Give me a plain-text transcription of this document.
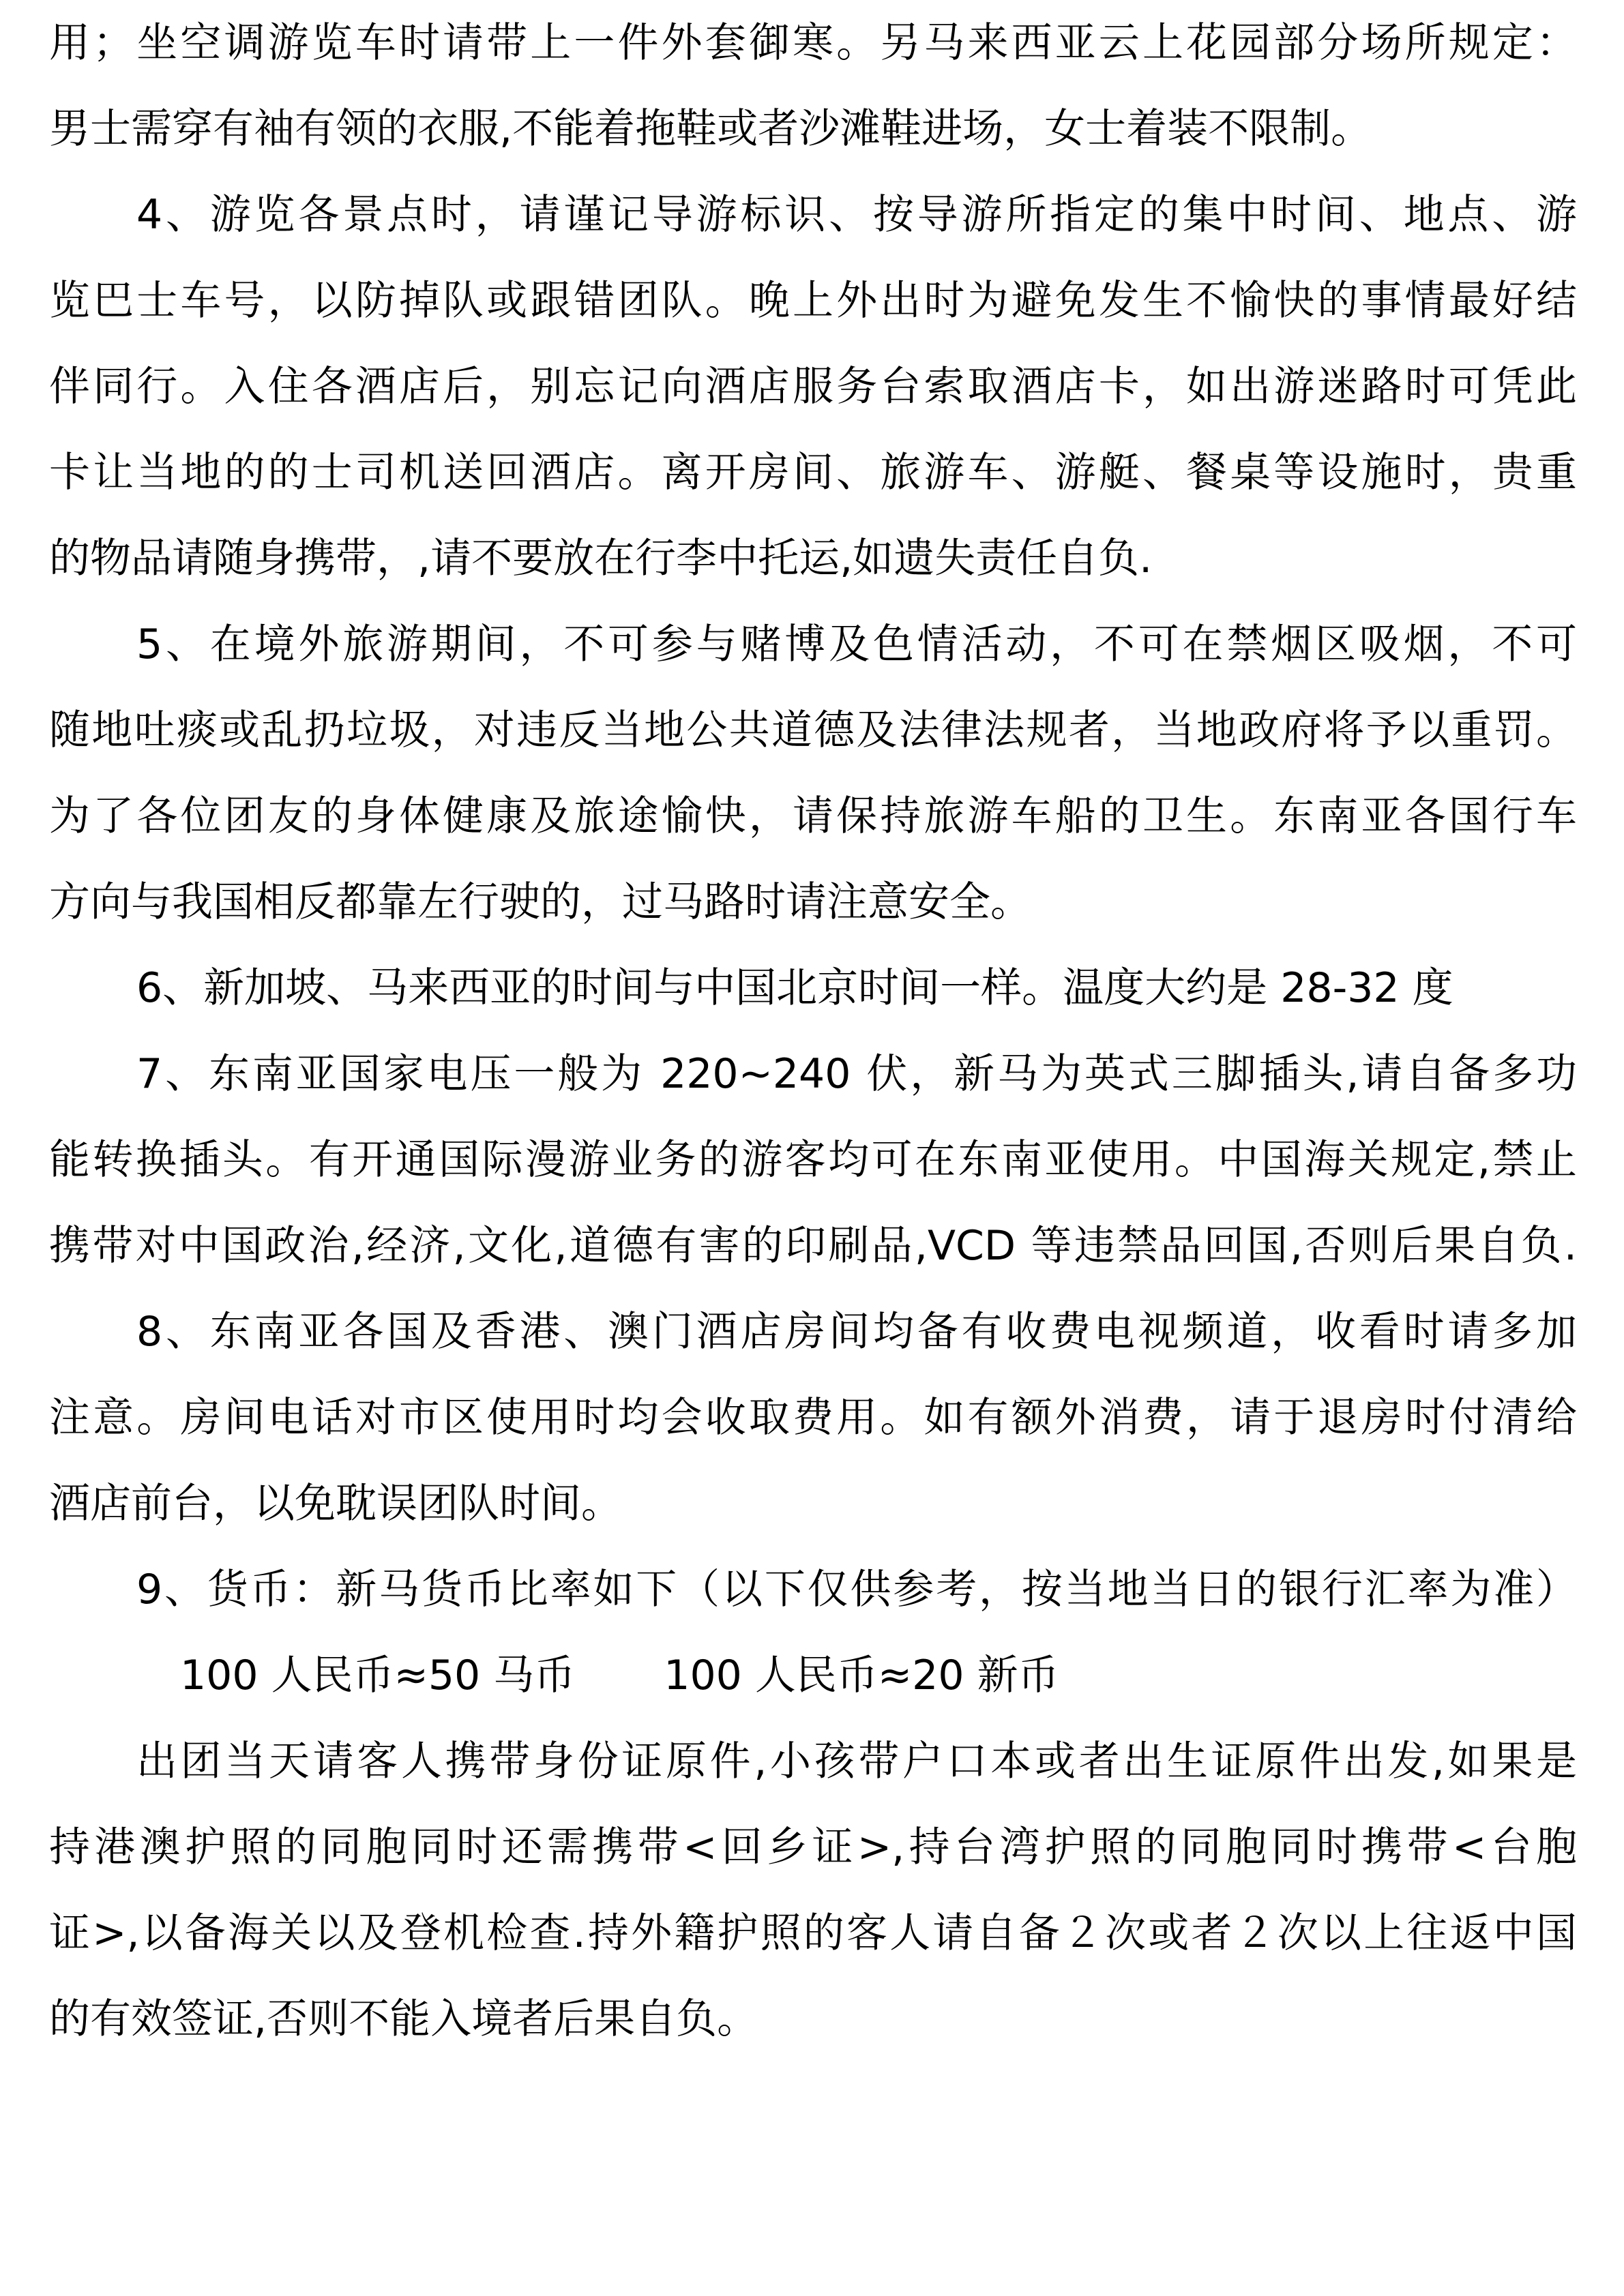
用；坐空调游览车时请带上一件外套御寒。另马来西亚云上花园部分场所规定：
男士需穿有袖有领的衣服,不能着拖鞋或者沙滩鞋进场，女士着装不限制。
4、游览各景点时，请谨记导游标识、按导游所指定的集中时间、地点、游
览巴士车号，以防掉队或跟错团队。晚上外出时为避免发生不愉快的事情最好结
伴同行。入住各酒店后，别忘记向酒店服务台索取酒店卡，如出游迷路时可凭此
卡让当地的的士司机送回酒店。离开房间、旅游车、游艇、餐桌等设施时，贵重
的物品请随身携带，,请不要放在行李中托运,如遗失责任自负.
5、在境外旅游期间，不可参与赌博及色情活动，不可在禁烟区吸烟，不可
随地吐痰或乱扔垃圾，对违反当地公共道德及法律法规者，当地政府将予以重罚。
为了各位团友的身体健康及旅途愉快，请保持旅游车船的卫生。东南亚各国行车
方向与我国相反都靠左行驶的，过马路时请注意安全。
6、新加坡、马来西亚的时间与中国北京时间一样。温度大约是 28-32 度
7、东南亚国家电压一般为 220~240 伏，新马为英式三脚插头,请自备多功
能转换插头。有开通国际漫游业务的游客均可在东南亚使用。中国海关规定,禁止
携带对中国政治,经济,文化,道德有害的印刷品,VCD 等违禁品回国,否则后果自负.
8、东南亚各国及香港、澳门酒店房间均备有收费电视频道，收看时请多加
注意。房间电话对市区使用时均会收取费用。如有额外消费，请于退房时付清给
酒店前台，以免耽误团队时间。
9、货币：新马货币比率如下（以下仅供参考，按当地当日的银行汇率为准）
100 人民币≈50 马币 100 人民币≈20 新币
出团当天请客人携带身份证原件,小孩带户口本或者出生证原件出发,如果是
持港澳护照的同胞同时还需携带<回乡证>,持台湾护照的同胞同时携带<台胞
证>,以备海关以及登机检查.持外籍护照的客人请自备２次或者２次以上往返中国
的有效签证,否则不能入境者后果自负。
